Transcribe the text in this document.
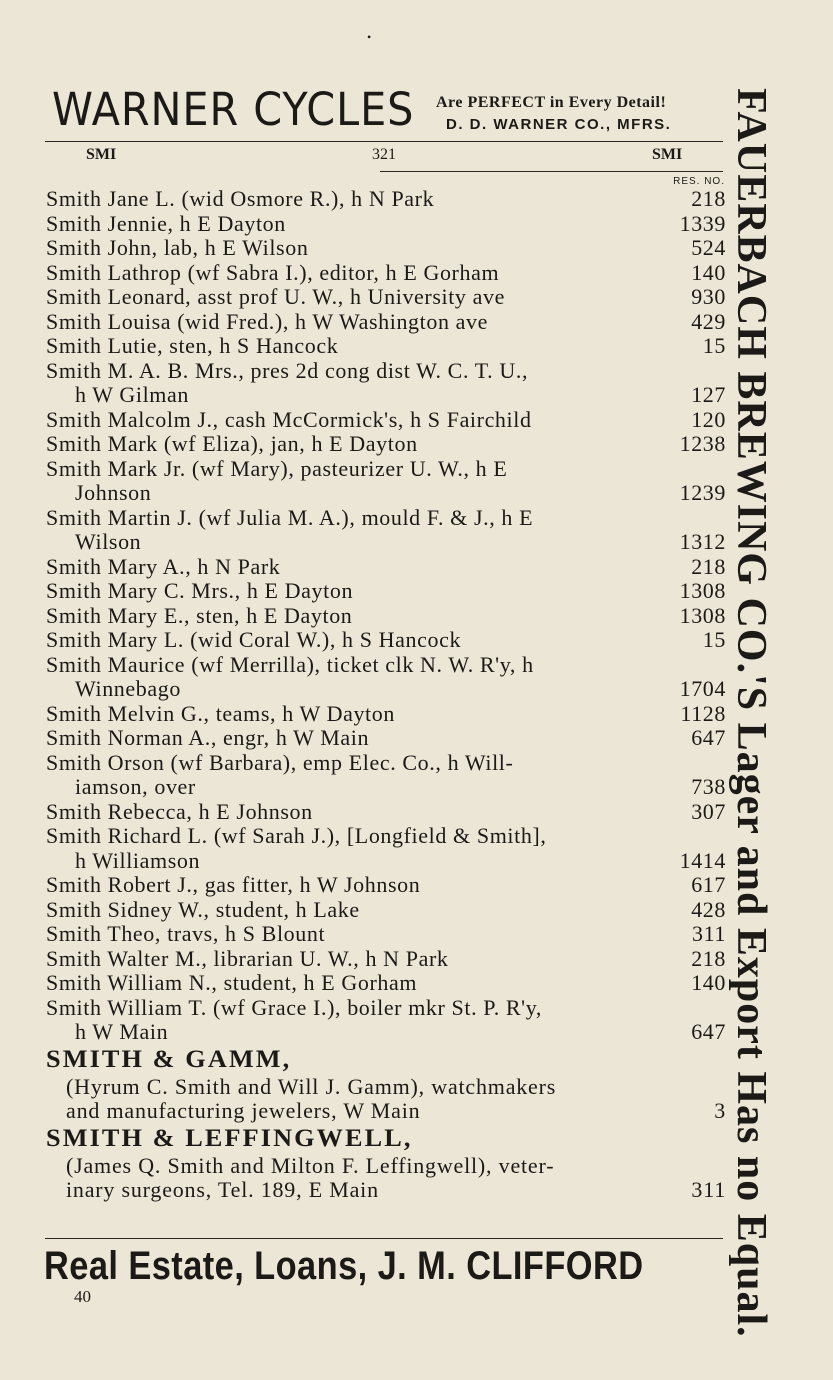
•
WARNER CYCLES Are PERFECT in Every Detail!
D. D. WARNER CO., MFRS.
SMI	321	SMI
RES. NO.
Smith Jane L. (wid Osmore R.), h N Park	218
Smith Jennie, h E Dayton	1339
Smith John, lab, h E Wilson	524
Smith Lathrop (wf Sabra I.), editor, h E Gorham	140
Smith Leonard, asst prof U. W., h University ave	930
Smith Louisa (wid Fred.), h W Washington ave	429
Smith Lutie, sten, h S Hancock	15
Smith M. A. B. Mrs., pres 2d cong dist W. C. T. U.,
h W Gilman	127
Smith Malcolm J., cash McCormick's, h S Fairchild	120
Smith Mark (wf Eliza), jan, h E Dayton	1238
Smith Mark Jr. (wf Mary), pasteurizer U. W., h E
Johnson	1239
Smith Martin J. (wf Julia M. A.), mould F. & J., h E
Wilson	1312
Smith Mary A., h N Park	218
Smith Mary C. Mrs., h E Dayton	1308
Smith Mary E., sten, h E Dayton	1308
Smith Mary L. (wid Coral W.), h S Hancock	15
Smith Maurice (wf Merrilla), ticket clk N. W. R'y, h
Winnebago	1704
Smith Melvin G., teams, h W Dayton	1128
Smith Norman A., engr, h W Main	647
Smith Orson (wf Barbara), emp Elec. Co., h Will-
iamson, over	738
Smith Rebecca, h E Johnson	307
Smith Richard L. (wf Sarah J.), [Longfield & Smith],
h Williamson	1414
Smith Robert J., gas fitter, h W Johnson	617
Smith Sidney W., student, h Lake	428
Smith Theo, travs, h S Blount	311
Smith Walter M., librarian U. W., h N Park	218
Smith William N., student, h E Gorham	140
Smith William T. (wf Grace I.), boiler mkr St. P. R'y,
h W Main	647
SMITH & GAMM,
(Hyrum C. Smith and Will J. Gamm), watchmakers
and manufacturing jewelers, W Main	3
SMITH & LEFFINGWELL,
(James Q. Smith and Milton F. Leffingwell), veter-
inary surgeons, Tel. 189, E Main	311
Real Estate, Loans, J. M. CLIFFORD
40	FAUERBACH BREWING CO.'S Lager and Export Has no Equal.
